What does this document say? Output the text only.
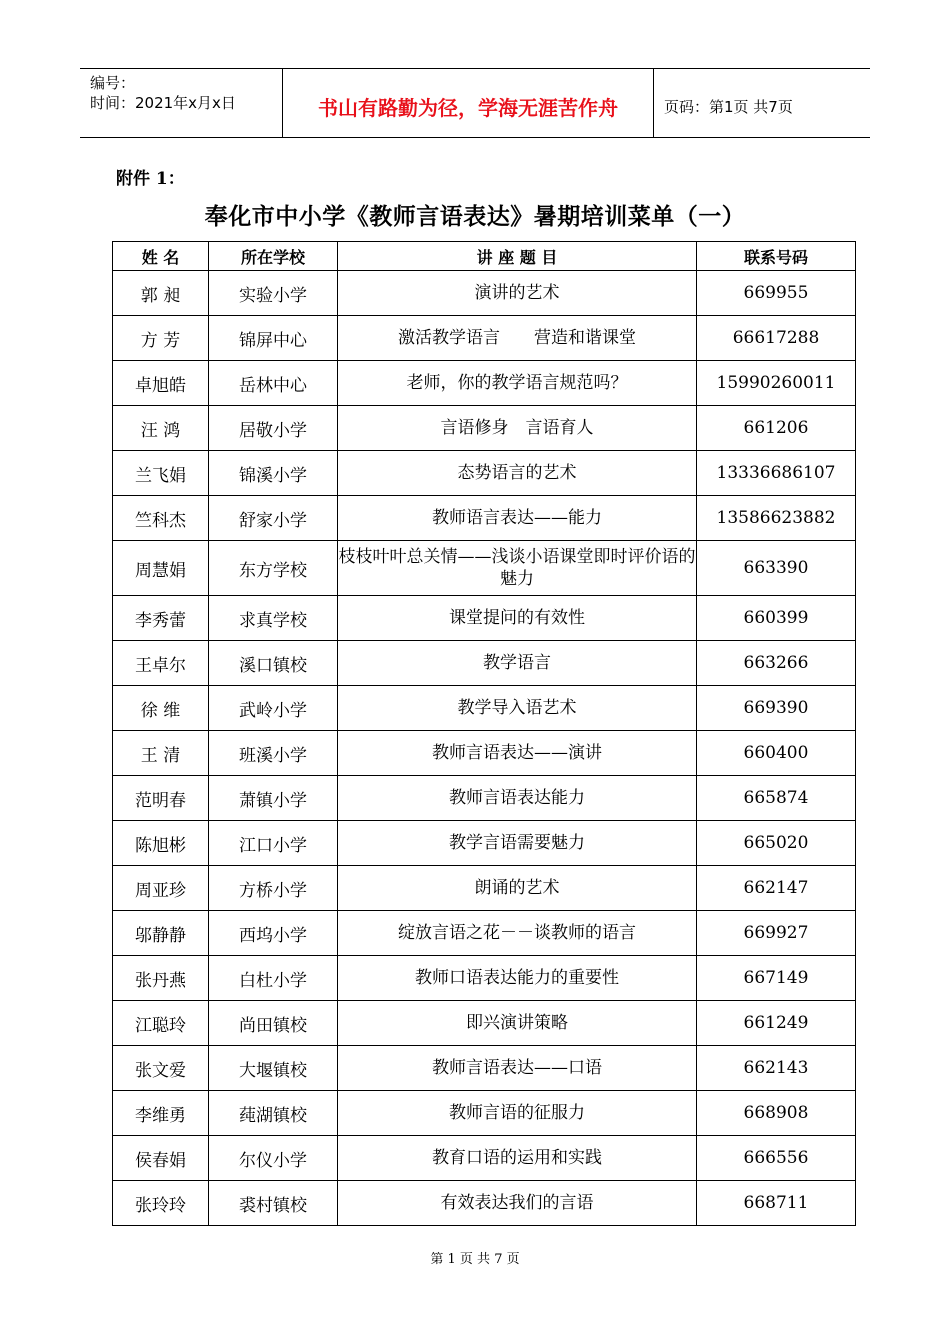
编号：
时间：2021年x月x日	书山有路勤为径，学海无涯苦作舟	页码：第1页 共7页
附件 1：
奉化市中小学《教师言语表达》暑期培训菜单（一）
姓 名	所在学校	讲 座 题 目	联系号码
郭 昶	实验小学	演讲的艺术	669955
方 芳	锦屏中心	激活教学语言　　营造和谐课堂	66617288
卓旭皓	岳林中心	老师，你的教学语言规范吗？	15990260011
汪 鸿	居敬小学	言语修身　言语育人	661206
兰飞娟	锦溪小学	态势语言的艺术	13336686107
竺科杰	舒家小学	教师语言表达——能力	13586623882
周慧娟	东方学校	枝枝叶叶总关情——浅谈小语课堂即时评价语的魅力	663390
李秀蕾	求真学校	课堂提问的有效性	660399
王卓尔	溪口镇校	教学语言	663266
徐 维	武岭小学	教学导入语艺术	669390
王 清	班溪小学	教师言语表达——演讲	660400
范明春	萧镇小学	教师言语表达能力	665874
陈旭彬	江口小学	教学言语需要魅力	665020
周亚珍	方桥小学	朗诵的艺术	662147
邬静静	西坞小学	绽放言语之花－－谈教师的语言	669927
张丹燕	白杜小学	教师口语表达能力的重要性	667149
江聪玲	尚田镇校	即兴演讲策略	661249
张文爱	大堰镇校	教师言语表达——口语	662143
李维勇	莼湖镇校	教师言语的征服力	668908
侯春娟	尔仪小学	教育口语的运用和实践	666556
张玲玲	裘村镇校	有效表达我们的言语	668711
第 1 页 共 7 页
